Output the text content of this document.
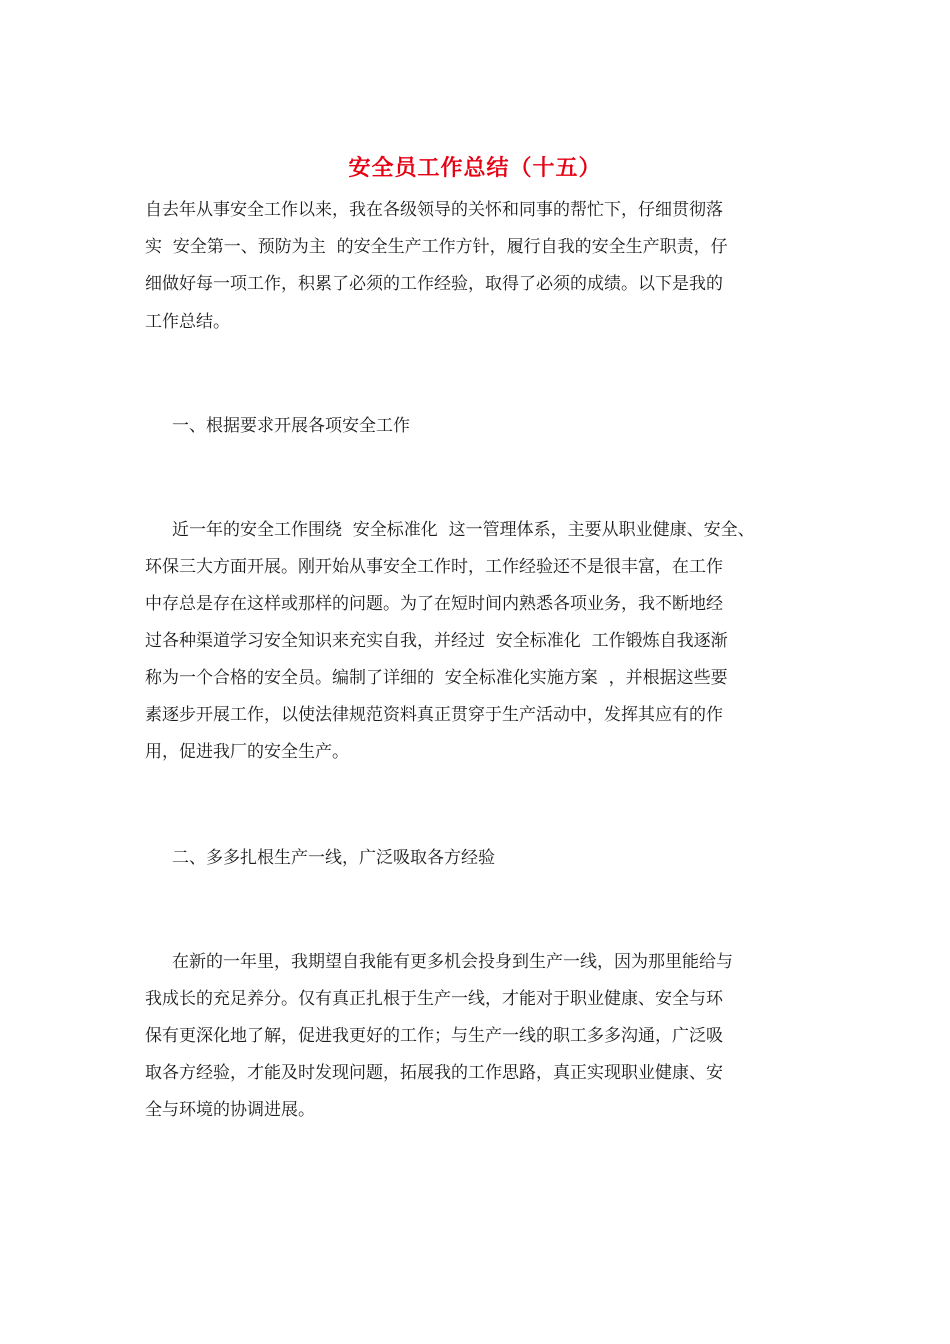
安全员工作总结（十五）
自去年从事安全工作以来，我在各级领导的关怀和同事的帮忙下，仔细贯彻落
实  安全第一、预防为主  的安全生产工作方针，履行自我的安全生产职责，仔
细做好每一项工作，积累了必须的工作经验，取得了必须的成绩。以下是我的
工作总结。
一、根据要求开展各项安全工作
近一年的安全工作围绕  安全标准化  这一管理体系，主要从职业健康、安全、
环保三大方面开展。刚开始从事安全工作时，工作经验还不是很丰富，在工作
中存总是存在这样或那样的问题。为了在短时间内熟悉各项业务，我不断地经
过各种渠道学习安全知识来充实自我，并经过  安全标准化  工作锻炼自我逐渐
称为一个合格的安全员。编制了详细的  安全标准化实施方案  ，并根据这些要
素逐步开展工作，以使法律规范资料真正贯穿于生产活动中，发挥其应有的作
用，促进我厂的安全生产。
二、多多扎根生产一线，广泛吸取各方经验
在新的一年里，我期望自我能有更多机会投身到生产一线，因为那里能给与
我成长的充足养分。仅有真正扎根于生产一线，才能对于职业健康、安全与环
保有更深化地了解，促进我更好的工作；与生产一线的职工多多沟通，广泛吸
取各方经验，才能及时发现问题，拓展我的工作思路，真正实现职业健康、安
全与环境的协调进展。
